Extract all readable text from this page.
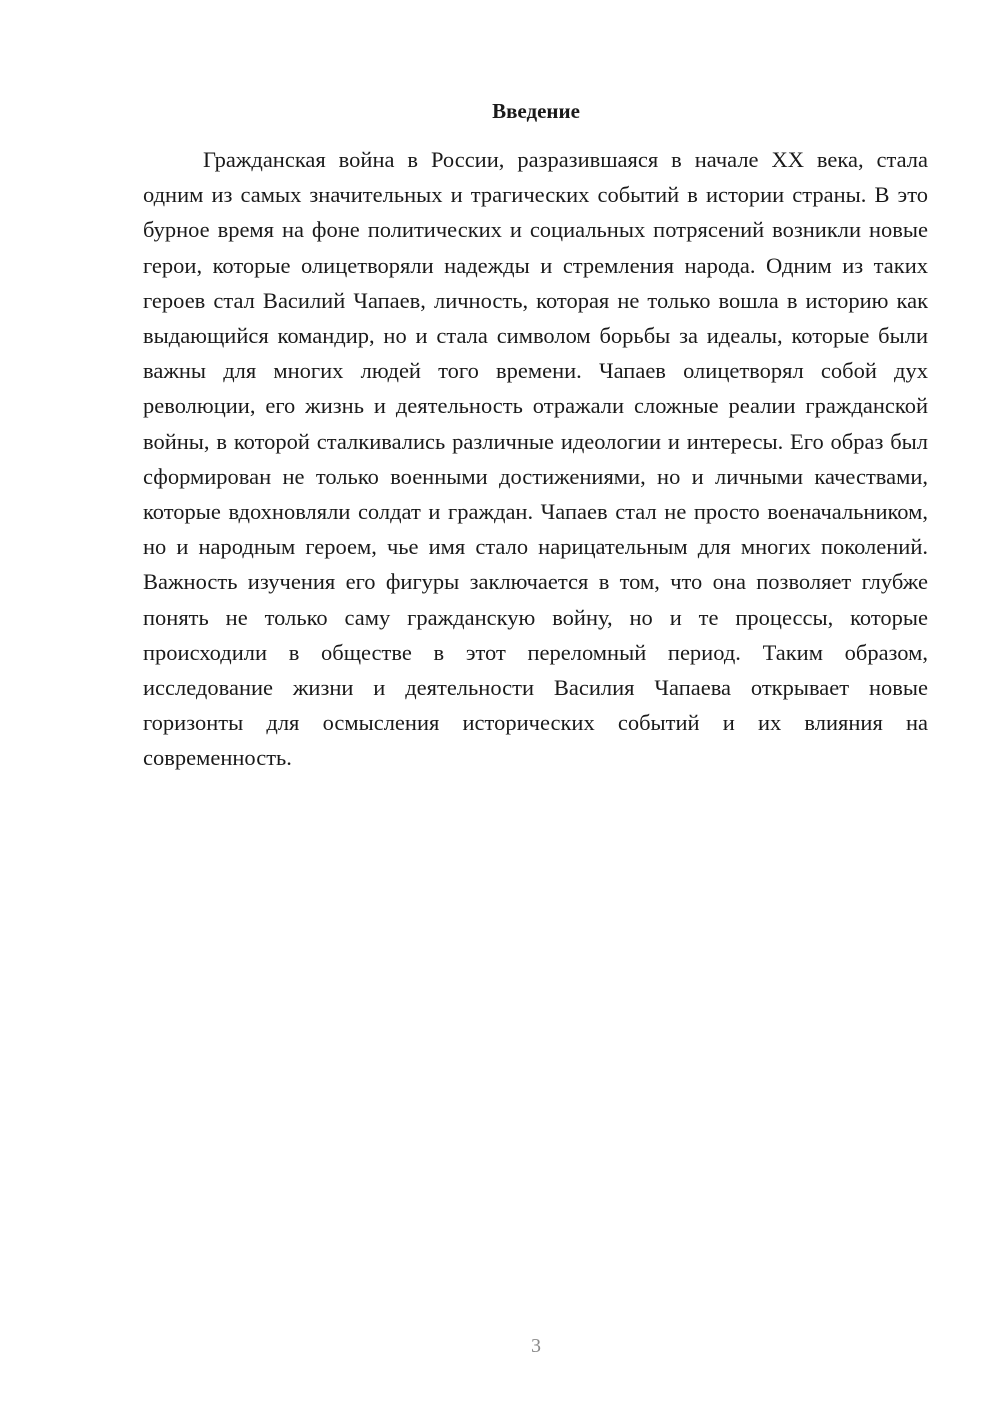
Введение

Гражданская война в России, разразившаяся в начале XX века, стала одним из самых значительных и трагических событий в истории страны. В это бурное время на фоне политических и социальных потрясений возникли новые герои, которые олицетворяли надежды и стремления народа. Одним из таких героев стал Василий Чапаев, личность, которая не только вошла в историю как выдающийся командир, но и стала символом борьбы за идеалы, которые были важны для многих людей того времени. Чапаев олицетворял собой дух революции, его жизнь и деятельность отражали сложные реалии гражданской войны, в которой сталкивались различные идеологии и интересы. Его образ был сформирован не только военными достижениями, но и личными качествами, которые вдохновляли солдат и граждан. Чапаев стал не просто военачальником, но и народным героем, чье имя стало нарицательным для многих поколений. Важность изучения его фигуры заключается в том, что она позволяет глубже понять не только саму гражданскую войну, но и те процессы, которые происходили в обществе в этот переломный период. Таким образом, исследование жизни и деятельности Василия Чапаева открывает новые горизонты для осмысления исторических событий и их влияния на современность.

3
